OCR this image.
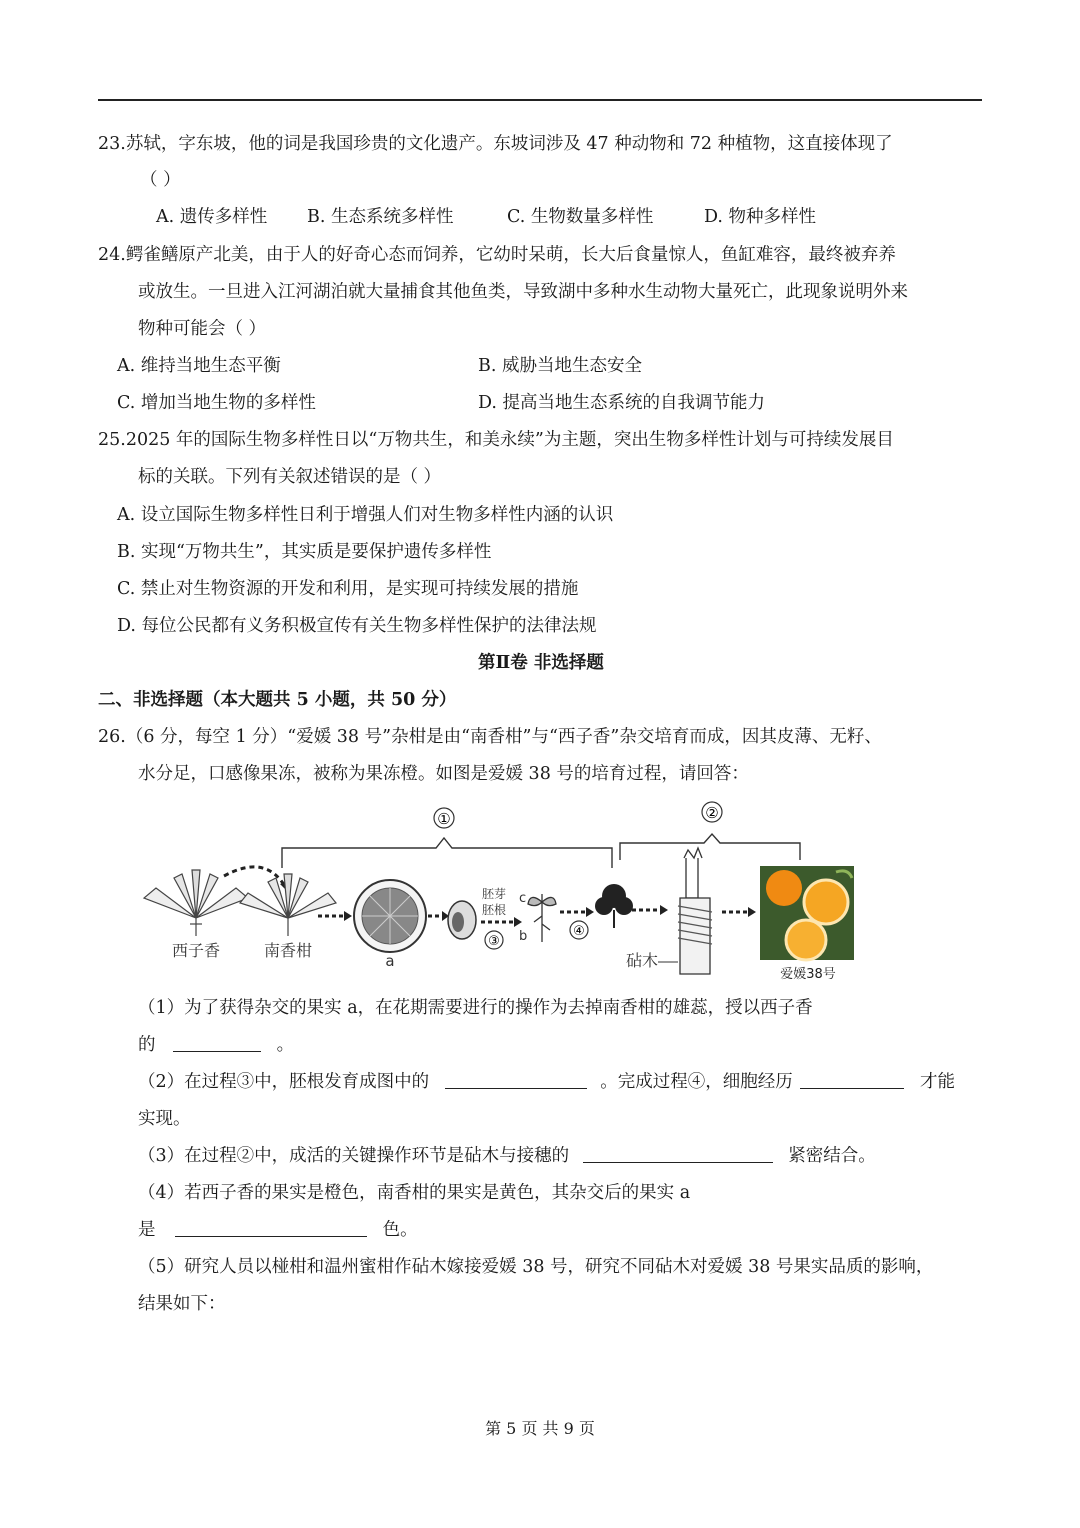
23.苏轼，字东坡，他的词是我国珍贵的文化遗产。东坡词涉及 47 种动物和 72 种植物，这直接体现了
（ ）
A. 遗传多样性 B. 生态系统多样性	C. 生物数量多样性	D. 物种多样性
24.鳄雀鳝原产北美，由于人的好奇心态而饲养，它幼时呆萌，长大后食量惊人，鱼缸难容，最终被弃养
或放生。一旦进入江河湖泊就大量捕食其他鱼类，导致湖中多种水生动物大量死亡，此现象说明外来
物种可能会（ ）
A. 维持当地生态平衡	B. 威胁当地生态安全
C. 增加当地生物的多样性	D. 提高当地生态系统的自我调节能力
25.2025 年的国际生物多样性日以“万物共生，和美永续”为主题，突出生物多样性计划与可持续发展目
标的关联。下列有关叙述错误的是（ ）
A. 设立国际生物多样性日利于增强人们对生物多样性内涵的认识
B. 实现“万物共生”，其实质是要保护遗传多样性
C. 禁止对生物资源的开发和利用，是实现可持续发展的措施
D. 每位公民都有义务积极宣传有关生物多样性保护的法律法规
第Ⅱ卷 非选择题
二、非选择题（本大题共 5 小题，共 50 分）
26.（6 分，每空 1 分）“爱媛 38 号”杂柑是由“南香柑”与“西子香”杂交培育而成，因其皮薄、无籽、
水分足，口感像果冻，被称为果冻橙。如图是爱媛 38 号的培育过程，请回答：
①	②
西子香	南香柑
a
胚芽
胚根
③
c
b	④
砧木
爱媛38号
（1）为了获得杂交的果实 a，在花期需要进行的操作为去掉南香柑的雄蕊，授以西子香
的	。
（2）在过程③中，胚根发育成图中的	。完成过程④，细胞经历	才能
实现。
（3）在过程②中，成活的关键操作环节是砧木与接穗的	紧密结合。
（4）若西子香的果实是橙色，南香柑的果实是黄色，其杂交后的果实 a
是	色。
（5）研究人员以椪柑和温州蜜柑作砧木嫁接爱媛 38 号，研究不同砧木对爱媛 38 号果实品质的影响，
结果如下：
第 5 页 共 9 页
